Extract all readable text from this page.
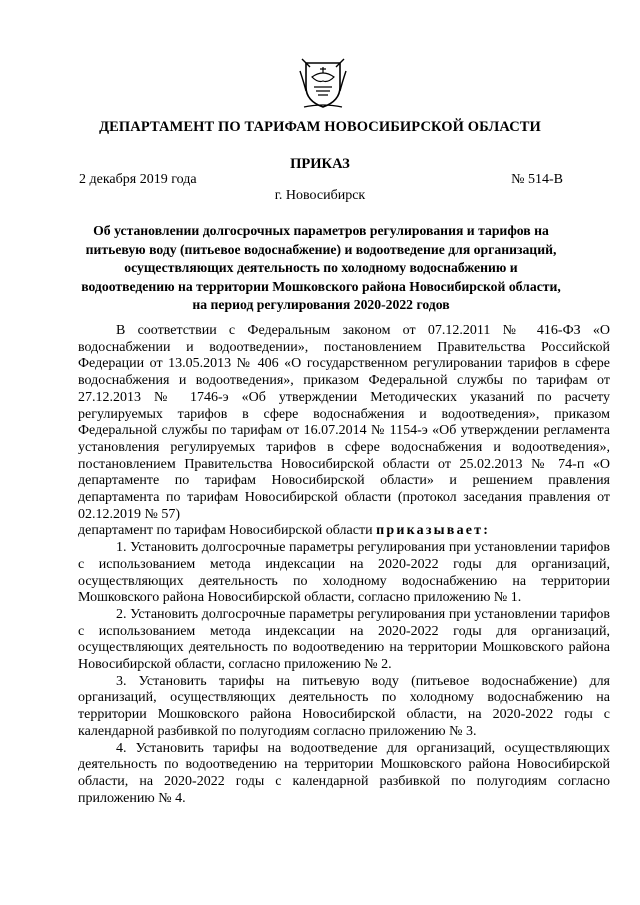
ДЕПАРТАМЕНТ ПО ТАРИФАМ НОВОСИБИРСКОЙ ОБЛАСТИ
ПРИКАЗ
2 декабря 2019 года	№ 514-В
г. Новосибирск
Об установлении долгосрочных параметров регулирования и тарифов на питьевую воду (питьевое водоснабжение) и водоотведение для организаций, осуществляющих деятельность по холодному водоснабжению и водоотведению на территории Мошковского района Новосибирской области, на период регулирования 2020-2022 годов

В соответствии с Федеральным законом от 07.12.2011 № 416-ФЗ «О водоснабжении и водоотведении», постановлением Правительства Российской Федерации от 13.05.2013 № 406 «О государственном регулировании тарифов в сфере водоснабжения и водоотведения», приказом Федеральной службы по тарифам от 27.12.2013 № 1746-э «Об утверждении Методических указаний по расчету регулируемых тарифов в сфере водоснабжения и водоотведения», приказом Федеральной службы по тарифам от 16.07.2014 № 1154-э «Об утверждении регламента установления регулируемых тарифов в сфере водоснабжения и водоотведения», постановлением Правительства Новосибирской области от 25.02.2013 № 74-п «О департаменте по тарифам Новосибирской области» и решением правления департамента по тарифам Новосибирской области (протокол заседания правления от 02.12.2019 № 57)

департамент по тарифам Новосибирской области приказывает:

1. Установить долгосрочные параметры регулирования при установлении тарифов с использованием метода индексации на 2020-2022 годы для организаций, осуществляющих деятельность по холодному водоснабжению на территории Мошковского района Новосибирской области, согласно приложению № 1.

2. Установить долгосрочные параметры регулирования при установлении тарифов с использованием метода индексации на 2020-2022 годы для организаций, осуществляющих деятельность по водоотведению на территории Мошковского района Новосибирской области, согласно приложению № 2.

3. Установить тарифы на питьевую воду (питьевое водоснабжение) для организаций, осуществляющих деятельность по холодному водоснабжению на территории Мошковского района Новосибирской области, на 2020-2022 годы с календарной разбивкой по полугодиям согласно приложению № 3.

4. Установить тарифы на водоотведение для организаций, осуществляющих деятельность по водоотведению на территории Мошковского района Новосибирской области, на 2020-2022 годы с календарной разбивкой по полугодиям согласно приложению № 4.
